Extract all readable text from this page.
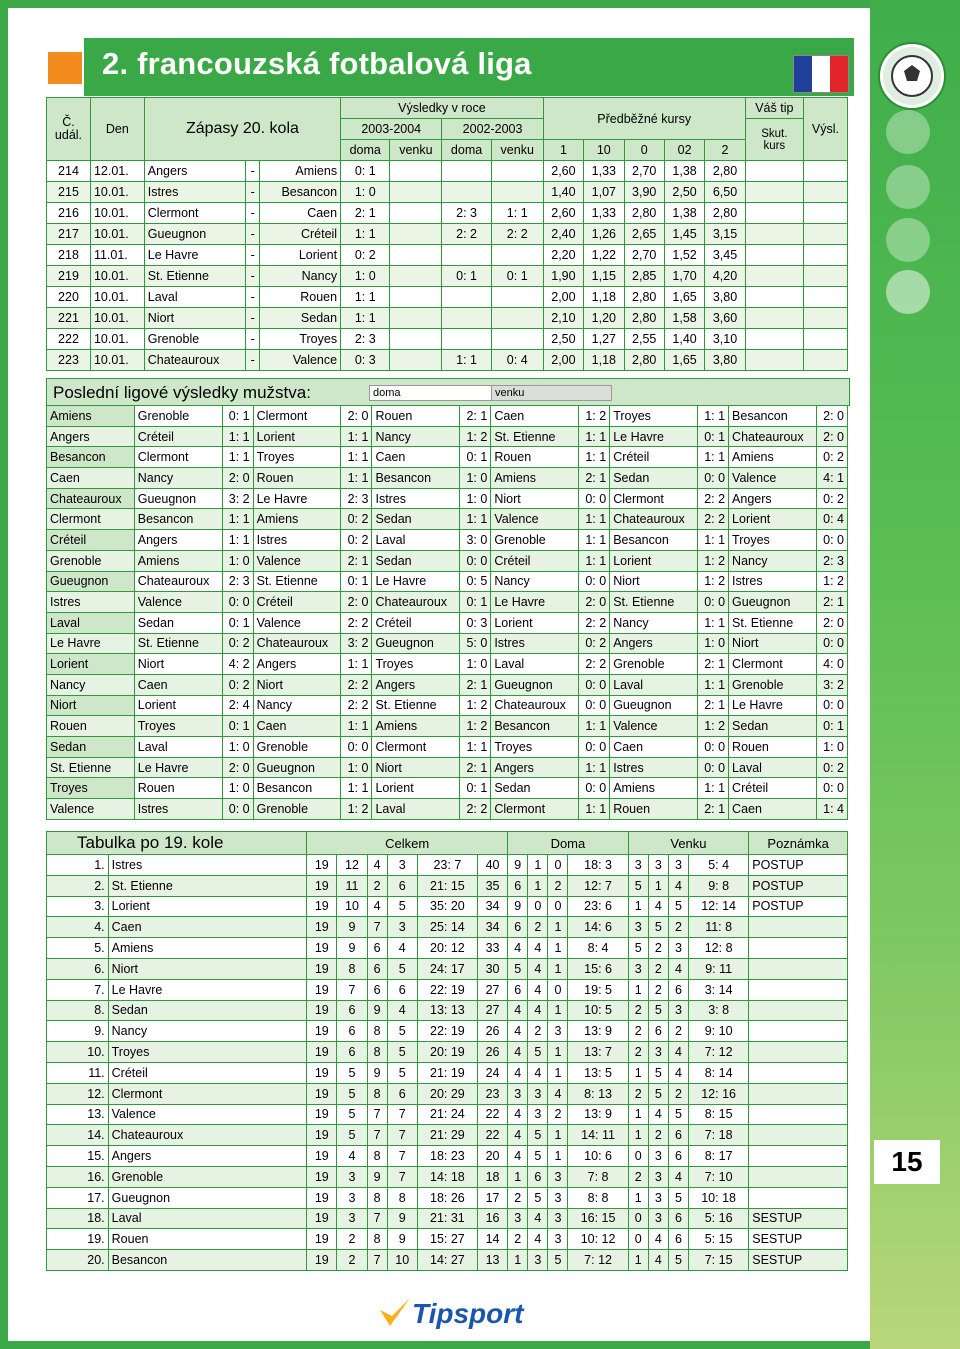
2. francouzská fotbalová liga
Č.
udál.	Den	Zápasy 20. kola			Výsledky v roce				Předběžné kursy					Váš tip	Výsl.
					2003-2004		2002-2003							Skut.
kurs	
					doma	venku	doma	venku	1	10	0	02	2		
214	12.01.	Angers	-	Amiens	0: 1				2,60	1,33	2,70	1,38	2,80		
215	10.01.	Istres	-	Besancon	1: 0				1,40	1,07	3,90	2,50	6,50		
216	10.01.	Clermont	-	Caen	2: 1		2: 3	1: 1	2,60	1,33	2,80	1,38	2,80		
217	10.01.	Gueugnon	-	Créteil	1: 1		2: 2	2: 2	2,40	1,26	2,65	1,45	3,15		
218	11.01.	Le Havre	-	Lorient	0: 2				2,20	1,22	2,70	1,52	3,45		
219	10.01.	St. Etienne	-	Nancy	1: 0		0: 1	0: 1	1,90	1,15	2,85	1,70	4,20		
220	10.01.	Laval	-	Rouen	1: 1				2,00	1,18	2,80	1,65	3,80		
221	10.01.	Niort	-	Sedan	1: 1				2,10	1,20	2,80	1,58	3,60		
222	10.01.	Grenoble	-	Troyes	2: 3				2,50	1,27	2,55	1,40	3,10		
223	10.01.	Chateauroux	-	Valence	0: 3		1: 1	0: 4	2,00	1,18	2,80	1,65	3,80		
Poslední ligové výsledky mužstva:	doma	venku
Amiens	Grenoble	0: 1	Clermont	2: 0	Rouen	2: 1	Caen	1: 2	Troyes	1: 1	Besancon	2: 0
Angers	Créteil	1: 1	Lorient	1: 1	Nancy	1: 2	St. Etienne	1: 1	Le Havre	0: 1	Chateauroux	2: 0
Besancon	Clermont	1: 1	Troyes	1: 1	Caen	0: 1	Rouen	1: 1	Créteil	1: 1	Amiens	0: 2
Caen	Nancy	2: 0	Rouen	1: 1	Besancon	1: 0	Amiens	2: 1	Sedan	0: 0	Valence	4: 1
Chateauroux	Gueugnon	3: 2	Le Havre	2: 3	Istres	1: 0	Niort	0: 0	Clermont	2: 2	Angers	0: 2
Clermont	Besancon	1: 1	Amiens	0: 2	Sedan	1: 1	Valence	1: 1	Chateauroux	2: 2	Lorient	0: 4
Créteil	Angers	1: 1	Istres	0: 2	Laval	3: 0	Grenoble	1: 1	Besancon	1: 1	Troyes	0: 0
Grenoble	Amiens	1: 0	Valence	2: 1	Sedan	0: 0	Créteil	1: 1	Lorient	1: 2	Nancy	2: 3
Gueugnon	Chateauroux	2: 3	St. Etienne	0: 1	Le Havre	0: 5	Nancy	0: 0	Niort	1: 2	Istres	1: 2
Istres	Valence	0: 0	Créteil	2: 0	Chateauroux	0: 1	Le Havre	2: 0	St. Etienne	0: 0	Gueugnon	2: 1
Laval	Sedan	0: 1	Valence	2: 2	Créteil	0: 3	Lorient	2: 2	Nancy	1: 1	St. Etienne	2: 0
Le Havre	St. Etienne	0: 2	Chateauroux	3: 2	Gueugnon	5: 0	Istres	0: 2	Angers	1: 0	Niort	0: 0
Lorient	Niort	4: 2	Angers	1: 1	Troyes	1: 0	Laval	2: 2	Grenoble	2: 1	Clermont	4: 0
Nancy	Caen	0: 2	Niort	2: 2	Angers	2: 1	Gueugnon	0: 0	Laval	1: 1	Grenoble	3: 2
Niort	Lorient	2: 4	Nancy	2: 2	St. Etienne	1: 2	Chateauroux	0: 0	Gueugnon	2: 1	Le Havre	0: 0
Rouen	Troyes	0: 1	Caen	1: 1	Amiens	1: 2	Besancon	1: 1	Valence	1: 2	Sedan	0: 1
Sedan	Laval	1: 0	Grenoble	0: 0	Clermont	1: 1	Troyes	0: 0	Caen	0: 0	Rouen	1: 0
St. Etienne	Le Havre	2: 0	Gueugnon	1: 0	Niort	2: 1	Angers	1: 1	Istres	0: 0	Laval	0: 2
Troyes	Rouen	1: 0	Besancon	1: 1	Lorient	0: 1	Sedan	0: 0	Amiens	1: 1	Créteil	0: 0
Valence	Istres	0: 0	Grenoble	1: 2	Laval	2: 2	Clermont	1: 1	Rouen	2: 1	Caen	1: 4
Tabulka po 19. kole		Celkem						Doma				Venku				Poznámka
1.	Istres	19	12	4	3	23: 7	40	9	1	0	18: 3	3	3	3	5: 4	POSTUP
2.	St. Etienne	19	11	2	6	21: 15	35	6	1	2	12: 7	5	1	4	9: 8	POSTUP
3.	Lorient	19	10	4	5	35: 20	34	9	0	0	23: 6	1	4	5	12: 14	POSTUP
4.	Caen	19	9	7	3	25: 14	34	6	2	1	14: 6	3	5	2	11: 8	
5.	Amiens	19	9	6	4	20: 12	33	4	4	1	8: 4	5	2	3	12: 8	
6.	Niort	19	8	6	5	24: 17	30	5	4	1	15: 6	3	2	4	9: 11	
7.	Le Havre	19	7	6	6	22: 19	27	6	4	0	19: 5	1	2	6	3: 14	
8.	Sedan	19	6	9	4	13: 13	27	4	4	1	10: 5	2	5	3	3: 8	
9.	Nancy	19	6	8	5	22: 19	26	4	2	3	13: 9	2	6	2	9: 10	
10.	Troyes	19	6	8	5	20: 19	26	4	5	1	13: 7	2	3	4	7: 12	
11.	Créteil	19	5	9	5	21: 19	24	4	4	1	13: 5	1	5	4	8: 14	
12.	Clermont	19	5	8	6	20: 29	23	3	3	4	8: 13	2	5	2	12: 16	
13.	Valence	19	5	7	7	21: 24	22	4	3	2	13: 9	1	4	5	8: 15	
14.	Chateauroux	19	5	7	7	21: 29	22	4	5	1	14: 11	1	2	6	7: 18	
15.	Angers	19	4	8	7	18: 23	20	4	5	1	10: 6	0	3	6	8: 17	
16.	Grenoble	19	3	9	7	14: 18	18	1	6	3	7: 8	2	3	4	7: 10	
17.	Gueugnon	19	3	8	8	18: 26	17	2	5	3	8: 8	1	3	5	10: 18	
18.	Laval	19	3	7	9	21: 31	16	3	4	3	16: 15	0	3	6	5: 16	SESTUP
19.	Rouen	19	2	8	9	15: 27	14	2	4	3	10: 12	0	4	6	5: 15	SESTUP
20.	Besancon	19	2	7	10	14: 27	13	1	3	5	7: 12	1	4	5	7: 15	SESTUP
Tipsport
15
